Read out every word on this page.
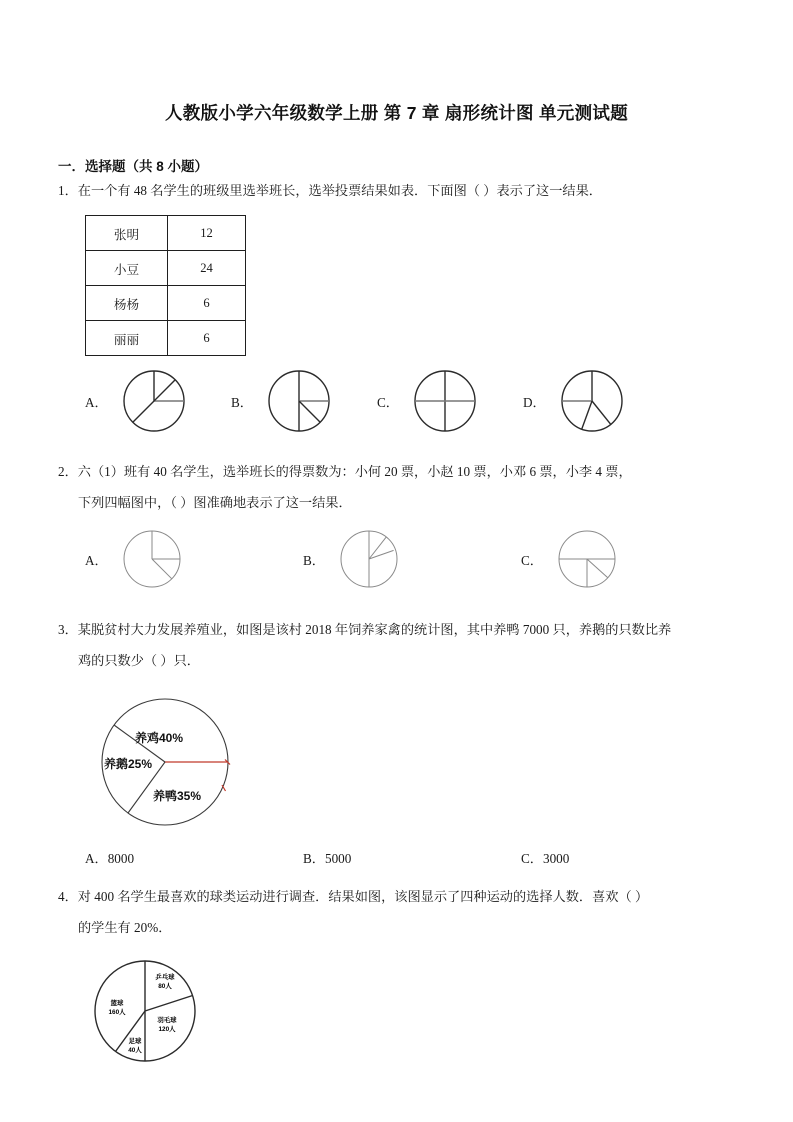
人教版小学六年级数学上册 第 7 章 扇形统计图 单元测试题
一．选择题（共 8 小题）
1．在一个有 48 名学生的班级里选举班长，选举投票结果如表．下面图（ ）表示了这一结果．
张明	12
小豆	24
杨杨	6
丽丽	6
A．	B．	C．	D．
2．六（1）班有 40 名学生，选举班长的得票数为：小何 20 票，小赵 10 票，小邓 6 票，小李 4 票，
下列四幅图中，（ ）图准确地表示了这一结果．
A．	B．	C．
3．某脱贫村大力发展养殖业，如图是该村 2018 年饲养家禽的统计图，其中养鸭 7000 只，养鹅的只数比养
鸡的只数少（ ）只．
养鸡40%
养鹅25%
养鸭35%
A．8000	B．5000	C．3000
4．对 400 名学生最喜欢的球类运动进行调查．结果如图，该图显示了四种运动的选择人数．喜欢（ ）
的学生有 20%．
乒乓球
80人
羽毛球
120人
足球
40人
篮球
160人
